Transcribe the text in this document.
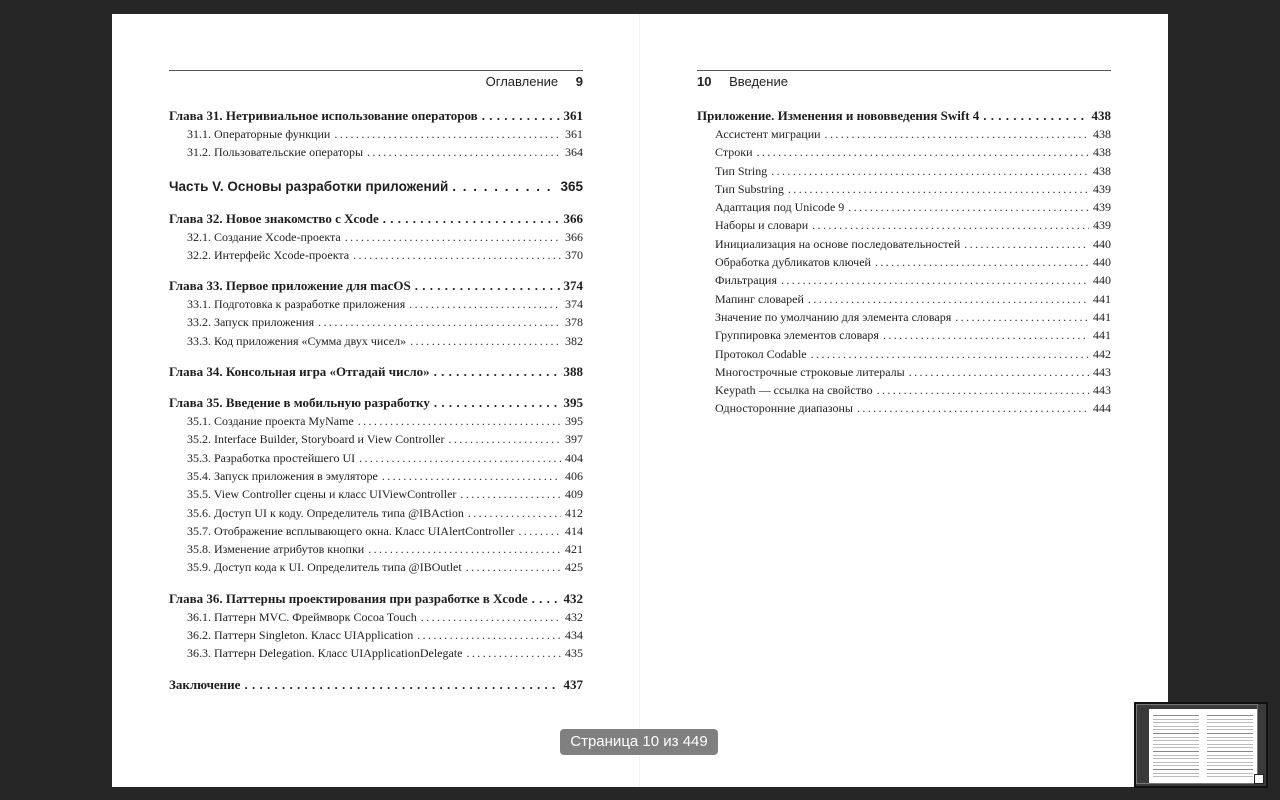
Оглавление 9
Глава 31. Нетривиальное использование операторов . . .	361
31.1. Операторные функции . . .	361
31.2. Пользовательские операторы . . .	364
Часть V. Основы разработки приложений . . .	365
Глава 32. Новое знакомство с Xcode . . .	366
32.1. Создание Xcode-проекта . . .	366
32.2. Интерфейс Xcode-проекта . . .	370
Глава 33. Первое приложение для macOS . . .	374
33.1. Подготовка к разработке приложения . . .	374
33.2. Запуск приложения . . .	378
33.3. Код приложения «Сумма двух чисел» . . .	382
Глава 34. Консольная игра «Отгадай число» . . .	388
Глава 35. Введение в мобильную разработку . . .	395
35.1. Создание проекта MyName . . .	395
35.2. Interface Builder, Storyboard и View Controller . . .	397
35.3. Разработка простейшего UI . . .	404
35.4. Запуск приложения в эмуляторе . . .	406
35.5. View Controller сцены и класс UIViewController . . .	409
35.6. Доступ UI к коду. Определитель типа @IBAction . . .	412
35.7. Отображение всплывающего окна. Класс UIAlertController . . .	414
35.8. Изменение атрибутов кнопки . . .	421
35.9. Доступ кода к UI. Определитель типа @IBOutlet . . .	425
Глава 36. Паттерны проектирования при разработке в Xcode . . .	432
36.1. Паттерн MVC. Фреймворк Cocoa Touch . . .	432
36.2. Паттерн Singleton. Класс UIApplication . . .	434
36.3. Паттерн Delegation. Класс UIApplicationDelegate . . .	435
Заключение . . .	437
10 Введение
Приложение. Изменения и нововведения Swift 4 . . .	438
Ассистент миграции . . .	438
Строки . . .	438
Тип String . . .	438
Тип Substring . . .	439
Адаптация под Unicode 9 . . .	439
Наборы и словари . . .	439
Инициализация на основе последовательностей . . .	440
Обработка дубликатов ключей . . .	440
Фильтрация . . .	440
Мапинг словарей . . .	441
Значение по умолчанию для элемента словаря . . .	441
Группировка элементов словаря . . .	441
Протокол Codable . . .	442
Многострочные строковые литералы . . .	443
Keypath — ссылка на свойство . . .	443
Односторонние диапазоны . . .	444
Страница 10 из 449
